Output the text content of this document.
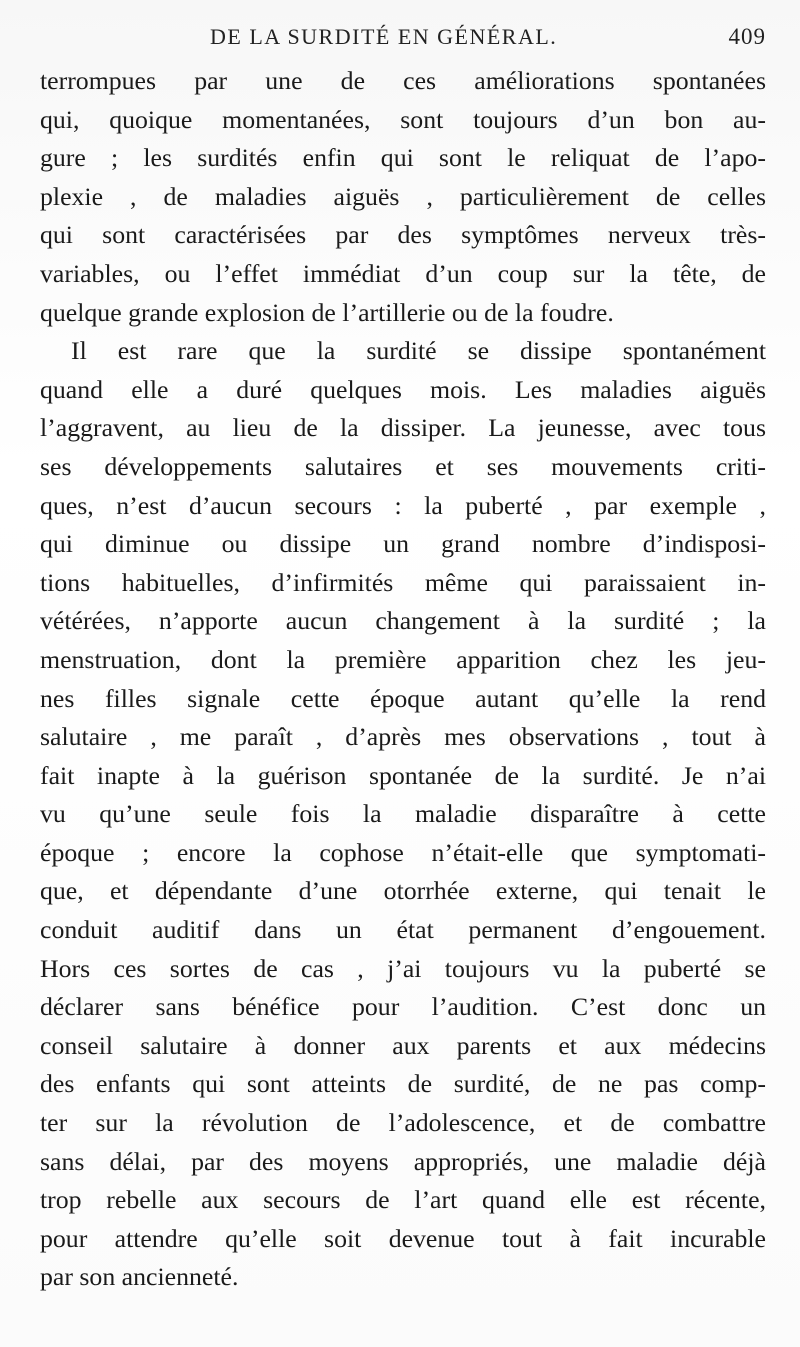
DE LA SURDITÉ EN GÉNÉRAL.	409
terrompues par une de ces améliorations spontanées
qui, quoique momentanées, sont toujours d’un bon au-
gure ; les surdités enfin qui sont le reliquat de l’apo-
plexie , de maladies aiguës , particulièrement de celles
qui sont caractérisées par des symptômes nerveux très-
variables, ou l’effet immédiat d’un coup sur la tête, de
quelque grande explosion de l’artillerie ou de la foudre.
Il est rare que la surdité se dissipe spontanément
quand elle a duré quelques mois. Les maladies aiguës
l’aggravent, au lieu de la dissiper. La jeunesse, avec tous
ses développements salutaires et ses mouvements criti-
ques, n’est d’aucun secours : la puberté , par exemple ,
qui diminue ou dissipe un grand nombre d’indisposi-
tions habituelles, d’infirmités même qui paraissaient in-
vétérées, n’apporte aucun changement à la surdité ; la
menstruation, dont la première apparition chez les jeu-
nes filles signale cette époque autant qu’elle la rend
salutaire , me paraît , d’après mes observations , tout à
fait inapte à la guérison spontanée de la surdité. Je n’ai
vu qu’une seule fois la maladie disparaître à cette
époque ; encore la cophose n’était-elle que symptomati-
que, et dépendante d’une otorrhée externe, qui tenait le
conduit auditif dans un état permanent d’engouement.
Hors ces sortes de cas , j’ai toujours vu la puberté se
déclarer sans bénéfice pour l’audition. C’est donc un
conseil salutaire à donner aux parents et aux médecins
des enfants qui sont atteints de surdité, de ne pas comp-
ter sur la révolution de l’adolescence, et de combattre
sans délai, par des moyens appropriés, une maladie déjà
trop rebelle aux secours de l’art quand elle est récente,
pour attendre qu’elle soit devenue tout à fait incurable
par son ancienneté.
